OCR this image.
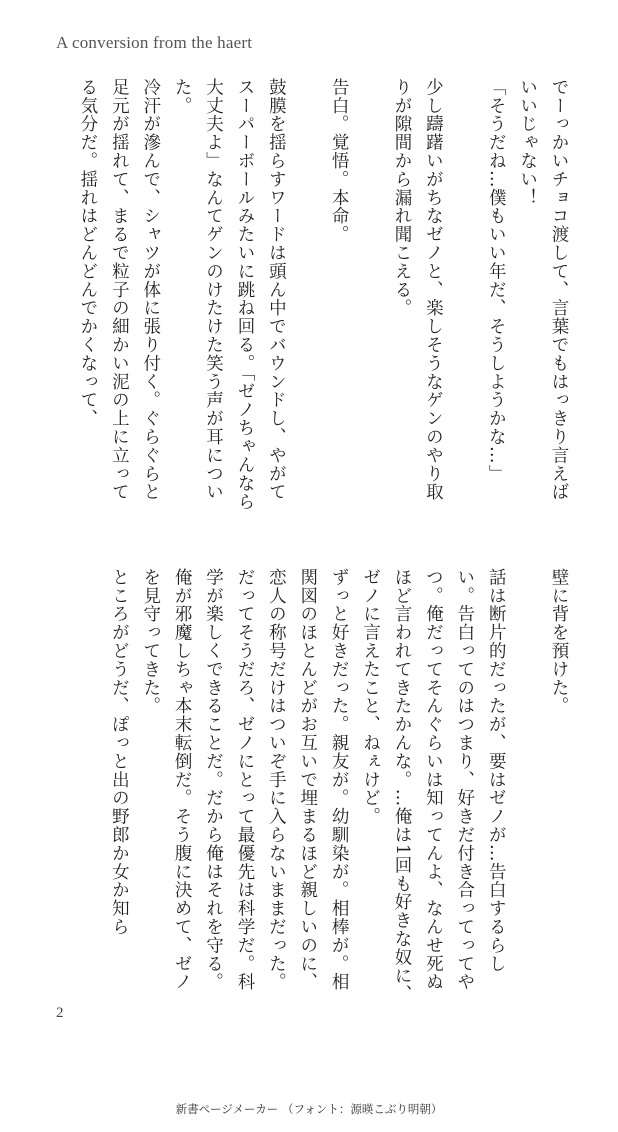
A conversion from the haert

でーっかいチョコ渡して、言葉でもはっきり言えばいいじゃない！

「そうだね…僕もいい年だ、そうしようかな…」

少し躊躇いがちなゼノと、楽しそうなゲンのやり取りが隙間から漏れ聞こえる。

告白。覚悟。本命。

鼓膜を揺らすワードは頭ん中でバウンドし、やがてスーパーボールみたいに跳ね回る。「ゼノちゃんなら大丈夫よ」なんてゲンのけたけた笑う声が耳についた。

冷汗が滲んで、シャツが体に張り付く。ぐらぐらと足元が揺れて、まるで粒子の細かい泥の上に立ってる気分だ。揺れはどんどんでかくなって、

壁に背を預けた。

話は断片的だったが、要はゼノが…告白するらしい。告白ってのはつまり、好きだ付き合ってってやつ。俺だってそんぐらいは知ってんよ、なんせ死ぬほど言われてきたかんな。…俺は1回も好きな奴に、ゼノに言えたこと、ねぇけど。

ずっと好きだった。親友が。幼馴染が。相棒が。相関図のほとんどがお互いで埋まるほど親しいのに、恋人の称号だけはついぞ手に入らないままだった。

だってそうだろ、ゼノにとって最優先は科学だ。科学が楽しくできることだ。だから俺はそれを守る。俺が邪魔しちゃ本末転倒だ。そう腹に決めて、ゼノを見守ってきた。

ところがどうだ、ぽっと出の野郎か女か知ら

2
新書ページメーカー （フォント：源暎こぶり明朝）
